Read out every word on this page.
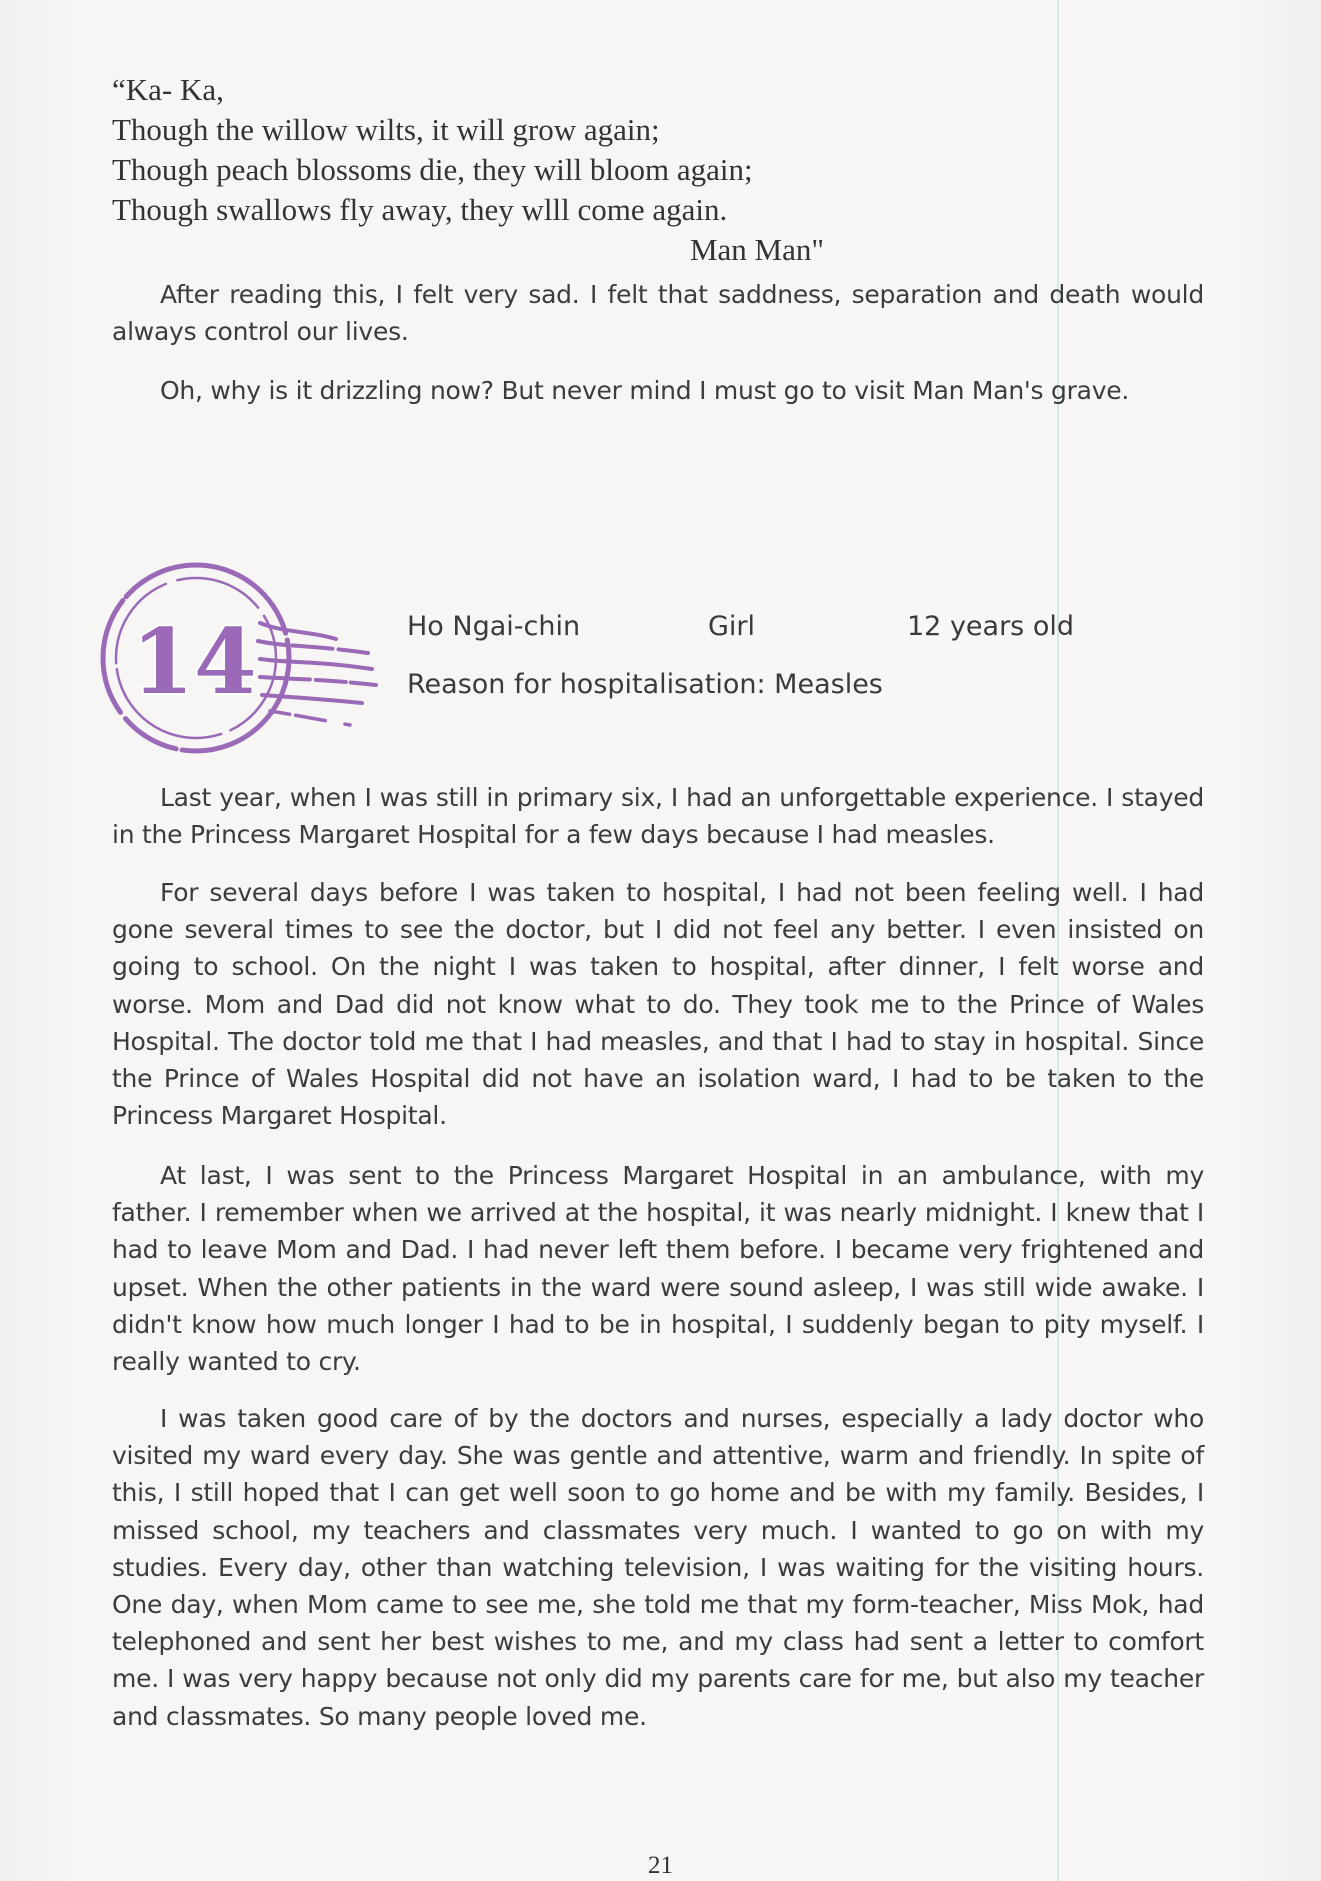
“Ka- Ka,
Though the willow wilts, it will grow again;
Though peach blossoms die, they will bloom again;
Though swallows fly away, they wlll come again.
Man Man"

After reading this, I felt very sad. I felt that saddness, separation and death would always control our lives.

Oh, why is it drizzling now? But never mind I must go to visit Man Man's grave.

14	Ho Ngai-chin	Girl	12 years old
Reason for hospitalisation: Measles

Last year, when I was still in primary six, I had an unforgettable experience. I stayed in the Princess Margaret Hospital for a few days because I had measles.

For several days before I was taken to hospital, I had not been feeling well. I had gone several times to see the doctor, but I did not feel any better. I even insisted on going to school. On the night I was taken to hospital, after dinner, I felt worse and worse. Mom and Dad did not know what to do. They took me to the Prince of Wales Hospital. The doctor told me that I had measles, and that I had to stay in hospital. Since the Prince of Wales Hospital did not have an isolation ward, I had to be taken to the Princess Margaret Hospital.

At last, I was sent to the Princess Margaret Hospital in an ambulance, with my father. I remember when we arrived at the hospital, it was nearly midnight. I knew that I had to leave Mom and Dad. I had never left them before. I became very frightened and upset. When the other patients in the ward were sound asleep, I was still wide awake. I didn't know how much longer I had to be in hospital, I suddenly began to pity myself. I really wanted to cry.

I was taken good care of by the doctors and nurses, especially a lady doctor who visited my ward every day. She was gentle and attentive, warm and friendly. In spite of this, I still hoped that I can get well soon to go home and be with my family. Besides, I missed school, my teachers and classmates very much. I wanted to go on with my studies. Every day, other than watching television, I was waiting for the visiting hours. One day, when Mom came to see me, she told me that my form-teacher, Miss Mok, had telephoned and sent her best wishes to me, and my class had sent a letter to comfort me. I was very happy because not only did my parents care for me, but also my teacher and classmates. So many people loved me.

21
